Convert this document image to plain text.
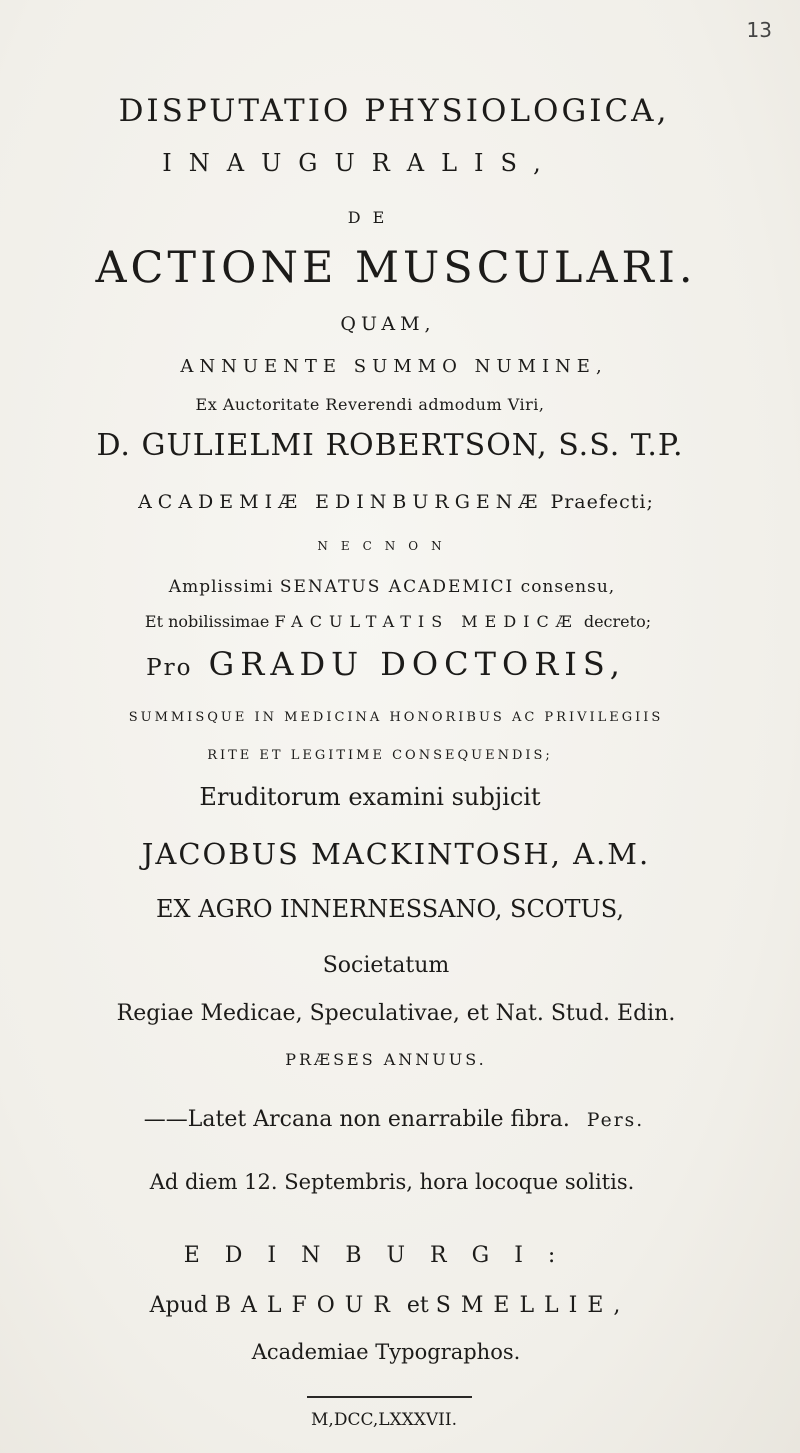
13
DISPUTATIO PHYSIOLOGICA,
INAUGURALIS,
DE
ACTIONE MUSCULARI.
QUAM,
ANNUENTE SUMMO NUMINE,
Ex Auctoritate Reverendi admodum Viri,
D. GULIELMI ROBERTSON, S.S. T.P.
ACADEMIÆ EDINBURGENÆ Praefecti;
NECNON
Amplissimi SENATUS ACADEMICI consensu,
Et nobilissimae FACULTATIS MEDICÆ decreto;
Pro GRADU DOCTORIS,
SUMMISQUE IN MEDICINA HONORIBUS AC PRIVILEGIIS
RITE ET LEGITIME CONSEQUENDIS;
Eruditorum examini subjicit
JACOBUS MACKINTOSH, A.M.
EX AGRO INNERNESSANO, SCOTUS,
Societatum
Regiae Medicae, Speculativae, et Nat. Stud. Edin.
PRÆSES ANNUUS.
——Latet Arcana non enarrabile fibra. Pers.
Ad diem 12. Septembris, hora locoque solitis.
EDINBURGI:
Apud BALFOUR et SMELLIE,
Academiae Typographos.
M,DCC,LXXXVII.
